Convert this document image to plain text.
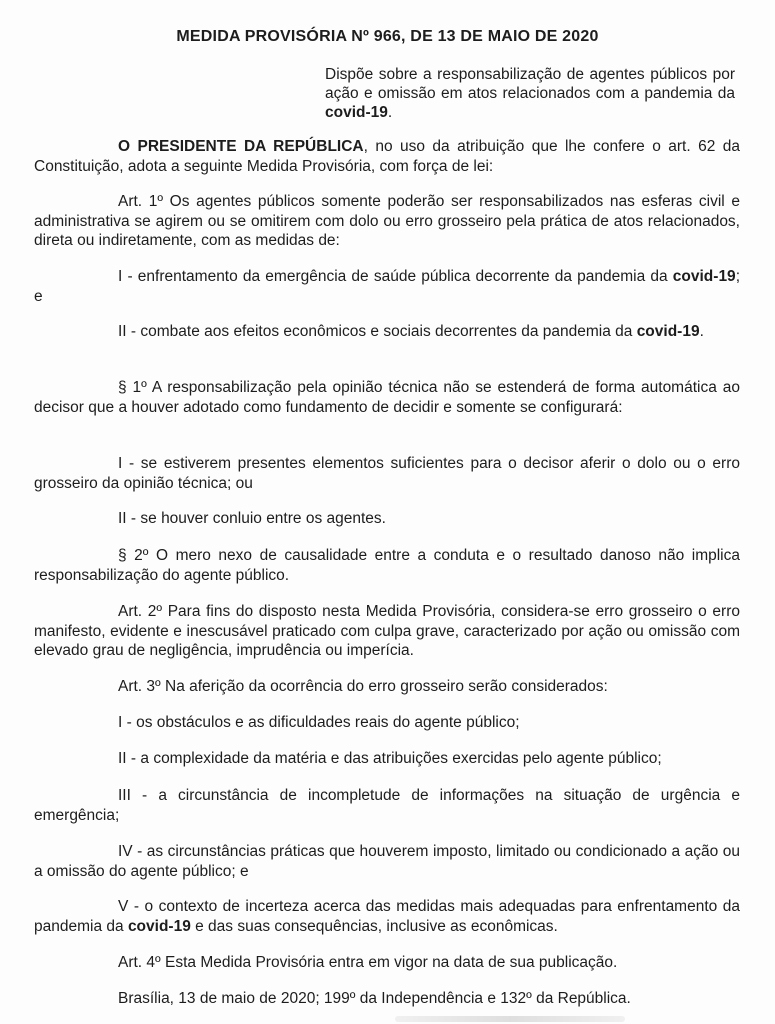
MEDIDA PROVISÓRIA Nº 966, DE 13 DE MAIO DE 2020
Dispõe sobre a responsabilização de agentes públicos por ação e omissão em atos relacionados com a pandemia da covid-19.

O PRESIDENTE DA REPÚBLICA, no uso da atribuição que lhe confere o art. 62 da Constituição, adota a seguinte Medida Provisória, com força de lei:

Art. 1º Os agentes públicos somente poderão ser responsabilizados nas esferas civil e administrativa se agirem ou se omitirem com dolo ou erro grosseiro pela prática de atos relacionados, direta ou indiretamente, com as medidas de:

I - enfrentamento da emergência de saúde pública decorrente da pandemia da covid-19; e

II - combate aos efeitos econômicos e sociais decorrentes da pandemia da covid-19.

§ 1º A responsabilização pela opinião técnica não se estenderá de forma automática ao decisor que a houver adotado como fundamento de decidir e somente se configurará:

I - se estiverem presentes elementos suficientes para o decisor aferir o dolo ou o erro grosseiro da opinião técnica; ou

II - se houver conluio entre os agentes.

§ 2º O mero nexo de causalidade entre a conduta e o resultado danoso não implica responsabilização do agente público.

Art. 2º Para fins do disposto nesta Medida Provisória, considera-se erro grosseiro o erro manifesto, evidente e inescusável praticado com culpa grave, caracterizado por ação ou omissão com elevado grau de negligência, imprudência ou imperícia.

Art. 3º Na aferição da ocorrência do erro grosseiro serão considerados:

I - os obstáculos e as dificuldades reais do agente público;

II - a complexidade da matéria e das atribuições exercidas pelo agente público;

III - a circunstância de incompletude de informações na situação de urgência e emergência;

IV - as circunstâncias práticas que houverem imposto, limitado ou condicionado a ação ou a omissão do agente público; e

V - o contexto de incerteza acerca das medidas mais adequadas para enfrentamento da pandemia da covid-19 e das suas consequências, inclusive as econômicas.

Art. 4º Esta Medida Provisória entra em vigor na data de sua publicação.

Brasília, 13 de maio de 2020; 199º da Independência e 132º da República.
